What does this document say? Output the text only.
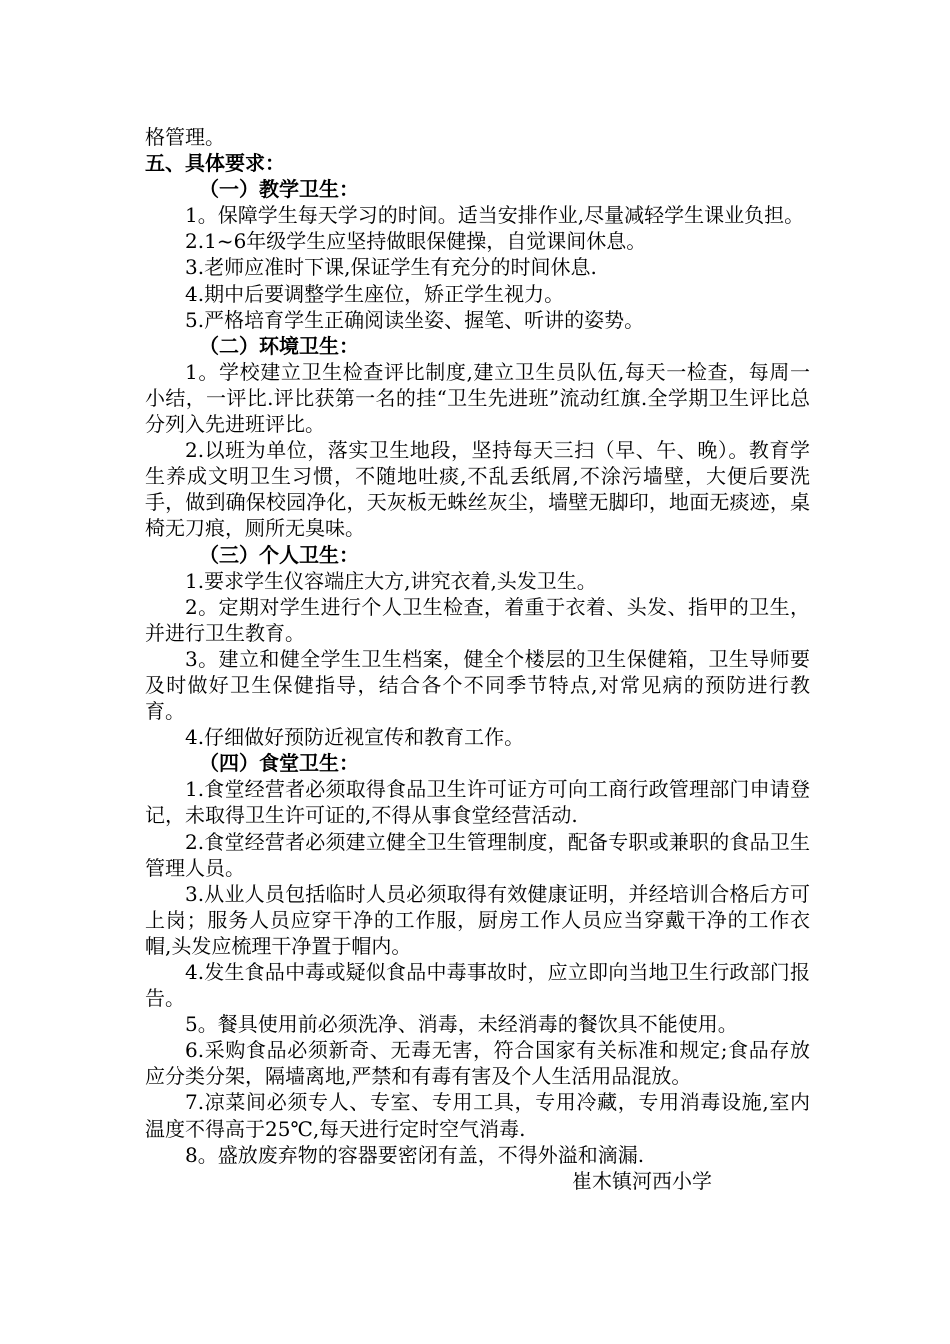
格管理。

五、具体要求：

（一）教学卫生：

1。保障学生每天学习的时间。适当安排作业,尽量减轻学生课业负担。

2.1~6年级学生应坚持做眼保健操，自觉课间休息。

3.老师应准时下课,保证学生有充分的时间休息.

4.期中后要调整学生座位，矫正学生视力。

5.严格培育学生正确阅读坐姿、握笔、听讲的姿势。

（二）环境卫生：

1。学校建立卫生检查评比制度,建立卫生员队伍,每天一检查，每周一小结，一评比.评比获第一名的挂“卫生先进班”流动红旗.全学期卫生评比总分列入先进班评比。

2.以班为单位，落实卫生地段，坚持每天三扫（早、午、晚）。教育学生养成文明卫生习惯，不随地吐痰,不乱丢纸屑,不涂污墙壁，大便后要洗手，做到确保校园净化，天灰板无蛛丝灰尘，墙壁无脚印，地面无痰迹，桌椅无刀痕，厕所无臭味。

（三）个人卫生：

1.要求学生仪容端庄大方,讲究衣着,头发卫生。

2。定期对学生进行个人卫生检查，着重于衣着、头发、指甲的卫生，并进行卫生教育。

3。建立和健全学生卫生档案，健全个楼层的卫生保健箱，卫生导师要及时做好卫生保健指导，结合各个不同季节特点,对常见病的预防进行教育。

4.仔细做好预防近视宣传和教育工作。

（四）食堂卫生：

1.食堂经营者必须取得食品卫生许可证方可向工商行政管理部门申请登记，未取得卫生许可证的,不得从事食堂经营活动.

2.食堂经营者必须建立健全卫生管理制度，配备专职或兼职的食品卫生管理人员。

3.从业人员包括临时人员必须取得有效健康证明，并经培训合格后方可上岗；服务人员应穿干净的工作服，厨房工作人员应当穿戴干净的工作衣帽,头发应梳理干净置于帽内。

4.发生食品中毒或疑似食品中毒事故时，应立即向当地卫生行政部门报告。

5。餐具使用前必须洗净、消毒，未经消毒的餐饮具不能使用。

6.采购食品必须新奇、无毒无害，符合国家有关标准和规定;食品存放应分类分架，隔墙离地,严禁和有毒有害及个人生活用品混放。

7.凉菜间必须专人、专室、专用工具，专用冷藏，专用消毒设施,室内温度不得高于25℃,每天进行定时空气消毒.

8。盛放废弃物的容器要密闭有盖，不得外溢和滴漏.

崔木镇河西小学
